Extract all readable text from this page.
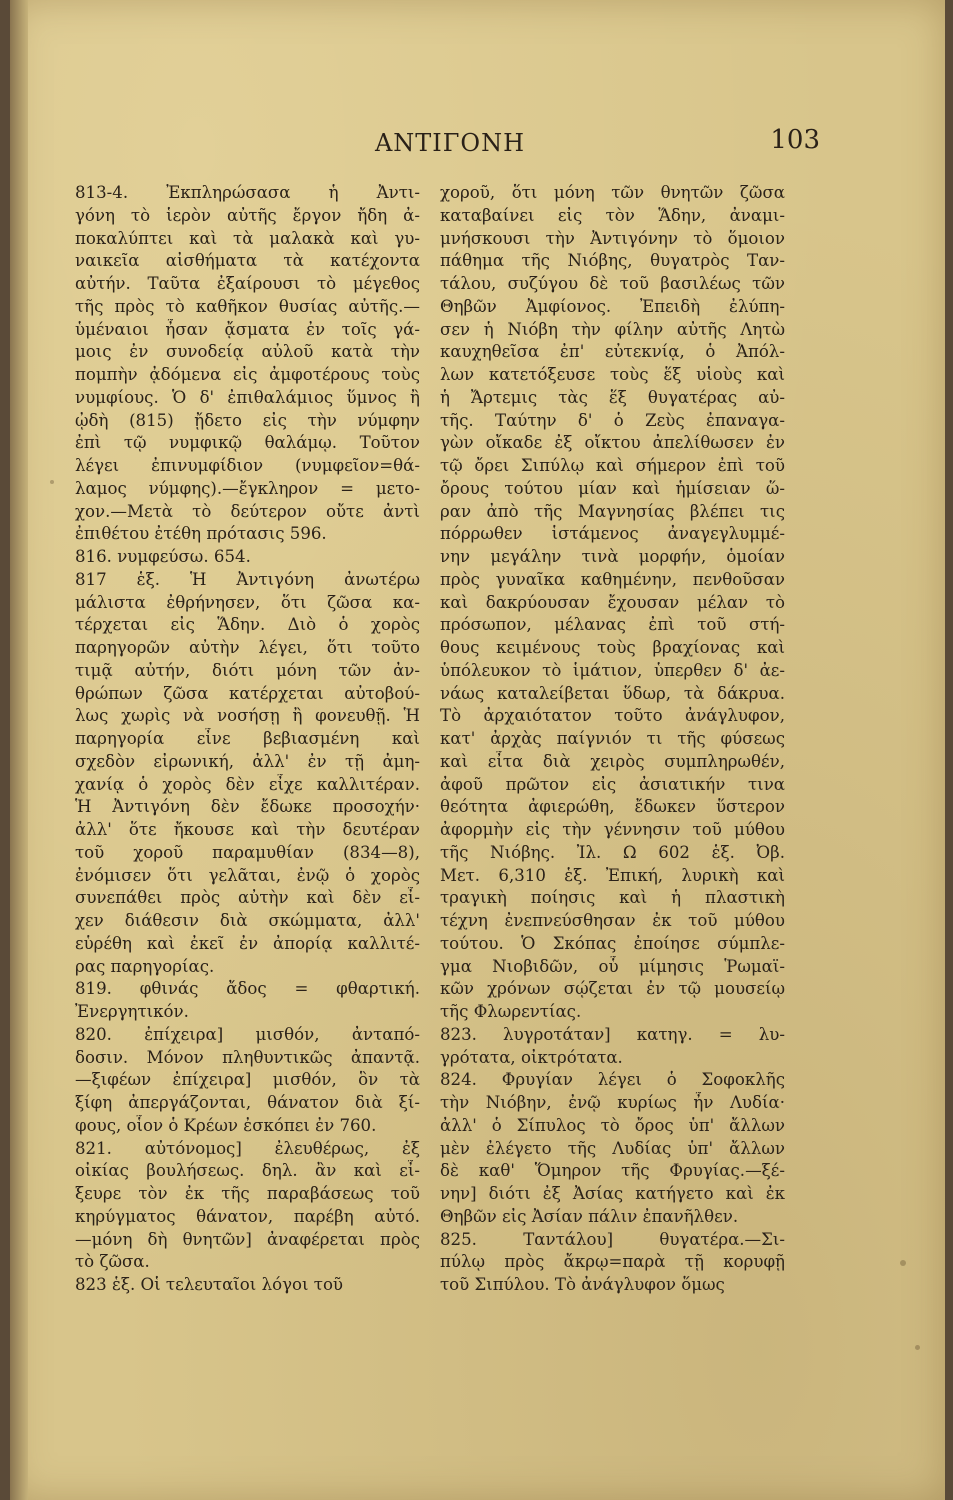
ΑΝΤΙΓΟΝΗ	103
813-4. Ἐκπληρώσασα ἡ Ἀντι-
γόνη τὸ ἱερὸν αὐτῆς ἔργον ἤδη ἀ-
ποκαλύπτει καὶ τὰ μαλακὰ καὶ γυ-
ναικεῖα αἰσθήματα τὰ κατέχοντα
αὐτήν. Ταῦτα ἐξαίρουσι τὸ μέγεθος
τῆς πρὸς τὸ καθῆκον θυσίας αὐτῆς.—
ὑμέναιοι ἦσαν ᾄσματα ἐν τοῖς γά-
μοις ἐν συνοδείᾳ αὐλοῦ κατὰ τὴν
πομπὴν ᾀδόμενα εἰς ἀμφοτέρους τοὺς
νυμφίους. Ὁ δ' ἐπιθαλάμιος ὕμνος ἢ
ᾠδὴ (815) ᾔδετο εἰς τὴν νύμφην
ἐπὶ τῷ νυμφικῷ θαλάμῳ. Τοῦτον
λέγει ἐπινυμφίδιον (νυμφεῖον=θά-
λαμος νύμφης).—ἔγκληρον = μετο-
χον.—Μετὰ τὸ δεύτερον οὔτε ἀντὶ
ἐπιθέτου ἐτέθη πρότασις 596.
816. νυμφεύσω. 654.
817 ἑξ. Ἡ Ἀντιγόνη ἀνωτέρω
μάλιστα ἐθρήνησεν, ὅτι ζῶσα κα-
τέρχεται εἰς Ἅδην. Διὸ ὁ χορὸς
παρηγορῶν αὐτὴν λέγει, ὅτι τοῦτο
τιμᾷ αὐτήν, διότι μόνη τῶν ἀν-
θρώπων ζῶσα κατέρχεται αὐτοβού-
λως χωρὶς νὰ νοσήσῃ ἢ φονευθῇ. Ἡ
παρηγορία εἶνε βεβιασμένη καὶ
σχεδὸν εἰρωνική, ἀλλ' ἐν τῇ ἀμη-
χανίᾳ ὁ χορὸς δὲν εἶχε καλλιτέραν.
Ἡ Ἀντιγόνη δὲν ἔδωκε προσοχήν·
ἀλλ' ὅτε ἤκουσε καὶ τὴν δευτέραν
τοῦ χοροῦ παραμυθίαν (834—8),
ἐνόμισεν ὅτι γελᾶται, ἐνῷ ὁ χορὸς
συνεπάθει πρὸς αὐτὴν καὶ δὲν εἶ-
χεν διάθεσιν διὰ σκώμματα, ἀλλ'
εὑρέθη καὶ ἐκεῖ ἐν ἀπορίᾳ καλλιτέ-
ρας παρηγορίας.
819. φθινάς ἄδος = φθαρτική.
Ἐνεργητικόν.
820. ἐπίχειρα] μισθόν, ἀνταπό-
δοσιν. Μόνον πληθυντικῶς ἀπαντᾷ.
—ξιφέων ἐπίχειρα] μισθόν, ὃν τὰ
ξίφη ἀπεργάζονται, θάνατον διὰ ξί-
φους, οἷον ὁ Κρέων ἐσκόπει ἐν 760.
821. αὐτόνομος] ἐλευθέρως, ἐξ
οἰκίας βουλήσεως. δηλ. ἂν καὶ εἶ-
ξευρε τὸν ἐκ τῆς παραβάσεως τοῦ
κηρύγματος θάνατον, παρέβη αὐτό.
—μόνη δὴ θνητῶν] ἀναφέρεται πρὸς
τὸ ζῶσα.
823 ἑξ. Οἱ τελευταῖοι λόγοι τοῦ
χοροῦ, ὅτι μόνη τῶν θνητῶν ζῶσα
καταβαίνει εἰς τὸν Ἅδην, ἀναμι-
μνήσκουσι τὴν Ἀντιγόνην τὸ ὅμοιον
πάθημα τῆς Νιόβης, θυγατρὸς Ταν-
τάλου, συζύγου δὲ τοῦ βασιλέως τῶν
Θηβῶν Ἀμφίονος. Ἐπειδὴ ἐλύπη-
σεν ἡ Νιόβη τὴν φίλην αὐτῆς Λητὼ
καυχηθεῖσα ἐπ' εὐτεκνίᾳ, ὁ Ἀπόλ-
λων κατετόξευσε τοὺς ἕξ υἱοὺς καὶ
ἡ Ἄρτεμις τὰς ἕξ θυγατέρας αὐ-
τῆς. Ταύτην δ' ὁ Ζεὺς ἐπαναγα-
γὼν οἴκαδε ἐξ οἴκτου ἀπελίθωσεν ἐν
τῷ ὄρει Σιπύλῳ καὶ σήμερον ἐπὶ τοῦ
ὄρους τούτου μίαν καὶ ἡμίσειαν ὥ-
ραν ἀπὸ τῆς Μαγνησίας βλέπει τις
πόρρωθεν ἱστάμενος ἀναγεγλυμμέ-
νην μεγάλην τινὰ μορφήν, ὁμοίαν
πρὸς γυναῖκα καθημένην, πενθοῦσαν
καὶ δακρύουσαν ἔχουσαν μέλαν τὸ
πρόσωπον, μέλανας ἐπὶ τοῦ στή-
θους κειμένους τοὺς βραχίονας καὶ
ὑπόλευκον τὸ ἱμάτιον, ὑπερθεν δ' ἀε-
νάως καταλείβεται ὕδωρ, τὰ δάκρυα.
Τὸ ἀρχαιότατον τοῦτο ἀνάγλυφον,
κατ' ἀρχὰς παίγνιόν τι τῆς φύσεως
καὶ εἶτα διὰ χειρὸς συμπληρωθέν,
ἀφοῦ πρῶτον εἰς ἀσιατικήν τινα
θεότητα ἀφιερώθη, ἔδωκεν ὕστερον
ἀφορμὴν εἰς τὴν γέννησιν τοῦ μύθου
τῆς Νιόβης. Ἰλ. Ω 602 ἑξ. Ὀβ.
Μετ. 6,310 ἑξ. Ἐπική, λυρικὴ καὶ
τραγικὴ ποίησις καὶ ἡ πλαστικὴ
τέχνη ἐνεπνεύσθησαν ἐκ τοῦ μύθου
τούτου. Ὁ Σκόπας ἐποίησε σύμπλε-
γμα Νιοβιδῶν, οὗ μίμησις Ῥωμαϊ-
κῶν χρόνων σῴζεται ἐν τῷ μουσείῳ
τῆς Φλωρεντίας.
823. λυγροτάταν] κατηγ. = λυ-
γρότατα, οἰκτρότατα.
824. Φρυγίαν λέγει ὁ Σοφοκλῆς
τὴν Νιόβην, ἐνῷ κυρίως ἦν Λυδία·
ἀλλ' ὁ Σίπυλος τὸ ὄρος ὑπ' ἄλλων
μὲν ἐλέγετο τῆς Λυδίας ὑπ' ἄλλων
δὲ καθ' Ὅμηρον τῆς Φρυγίας.—ξέ-
νην] διότι ἐξ Ἀσίας κατήγετο καὶ ἐκ
Θηβῶν εἰς Ἀσίαν πάλιν ἐπανῆλθεν.
825. Ταντάλου] θυγατέρα.—Σι-
πύλῳ πρὸς ἄκρῳ=παρὰ τῇ κορυφῇ
τοῦ Σιπύλου. Τὸ ἀνάγλυφον ὅμως
